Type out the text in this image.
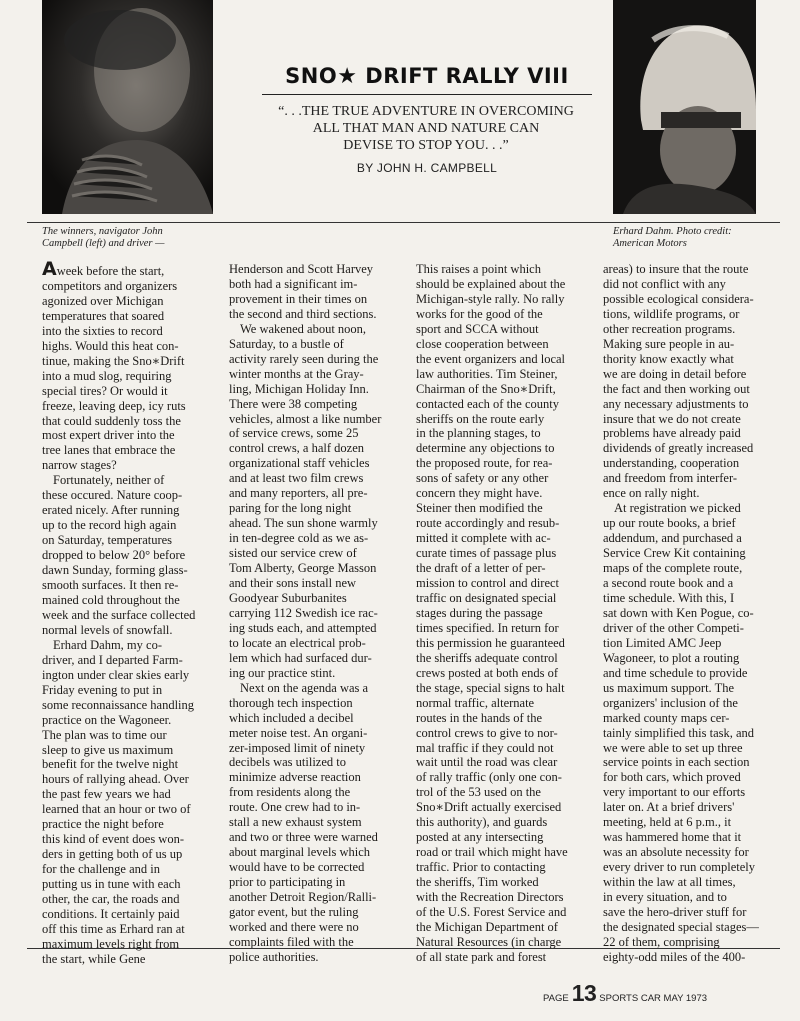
SNO★ DRIFT RALLY VIII
“. . .THE TRUE ADVENTURE IN OVERCOMING
ALL THAT MAN AND NATURE CAN
DEVISE TO STOP YOU. . .”
BY JOHN H. CAMPBELL
The winners, navigator John
Campbell (left) and driver —
Erhard Dahm. Photo credit:
American Motors

Aweek before the start,
competitors and organizers
agonized over Michigan
temperatures that soared
into the sixties to record
highs. Would this heat con-
tinue, making the Sno∗Drift
into a mud slog, requiring
special tires? Or would it
freeze, leaving deep, icy ruts
that could suddenly toss the
most expert driver into the
tree lanes that embrace the
narrow stages?

Fortunately, neither of
these occured. Nature coop-
erated nicely. After running
up to the record high again
on Saturday, temperatures
dropped to below 20° before
dawn Sunday, forming glass-
smooth surfaces. It then re-
mained cold throughout the
week and the surface collected
normal levels of snowfall.

Erhard Dahm, my co-
driver, and I departed Farm-
ington under clear skies early
Friday evening to put in
some reconnaissance handling
practice on the Wagoneer.
The plan was to time our
sleep to give us maximum
benefit for the twelve night
hours of rallying ahead. Over
the past few years we had
learned that an hour or two of
practice the night before
this kind of event does won-
ders in getting both of us up
for the challenge and in
putting us in tune with each
other, the car, the roads and
conditions. It certainly paid
off this time as Erhard ran at
maximum levels right from
the start, while Gene

Henderson and Scott Harvey
both had a significant im-
provement in their times on
the second and third sections.

We wakened about noon,
Saturday, to a bustle of
activity rarely seen during the
winter months at the Gray-
ling, Michigan Holiday Inn.
There were 38 competing
vehicles, almost a like number
of service crews, some 25
control crews, a half dozen
organizational staff vehicles
and at least two film crews
and many reporters, all pre-
paring for the long night
ahead. The sun shone warmly
in ten-degree cold as we as-
sisted our service crew of
Tom Alberty, George Masson
and their sons install new
Goodyear Suburbanites
carrying 112 Swedish ice rac-
ing studs each, and attempted
to locate an electrical prob-
lem which had surfaced dur-
ing our practice stint.

Next on the agenda was a
thorough tech inspection
which included a decibel
meter noise test. An organi-
zer-imposed limit of ninety
decibels was utilized to
minimize adverse reaction
from residents along the
route. One crew had to in-
stall a new exhaust system
and two or three were warned
about marginal levels which
would have to be corrected
prior to participating in
another Detroit Region/Ralli-
gator event, but the ruling
worked and there were no
complaints filed with the
police authorities.

This raises a point which
should be explained about the
Michigan-style rally. No rally
works for the good of the
sport and SCCA without
close cooperation between
the event organizers and local
law authorities. Tim Steiner,
Chairman of the Sno∗Drift,
contacted each of the county
sheriffs on the route early
in the planning stages, to
determine any objections to
the proposed route, for rea-
sons of safety or any other
concern they might have.
Steiner then modified the
route accordingly and resub-
mitted it complete with ac-
curate times of passage plus
the draft of a letter of per-
mission to control and direct
traffic on designated special
stages during the passage
times specified. In return for
this permission he guaranteed
the sheriffs adequate control
crews posted at both ends of
the stage, special signs to halt
normal traffic, alternate
routes in the hands of the
control crews to give to nor-
mal traffic if they could not
wait until the road was clear
of rally traffic (only one con-
trol of the 53 used on the
Sno∗Drift actually exercised
this authority), and guards
posted at any intersecting
road or trail which might have
traffic. Prior to contacting
the sheriffs, Tim worked
with the Recreation Directors
of the U.S. Forest Service and
the Michigan Department of
Natural Resources (in charge
of all state park and forest

areas) to insure that the route
did not conflict with any
possible ecological considera-
tions, wildlife programs, or
other recreation programs.
Making sure people in au-
thority know exactly what
we are doing in detail before
the fact and then working out
any necessary adjustments to
insure that we do not create
problems have already paid
dividends of greatly increased
understanding, cooperation
and freedom from interfer-
ence on rally night.

At registration we picked
up our route books, a brief
addendum, and purchased a
Service Crew Kit containing
maps of the complete route,
a second route book and a
time schedule. With this, I
sat down with Ken Pogue, co-
driver of the other Competi-
tion Limited AMC Jeep
Wagoneer, to plot a routing
and time schedule to provide
us maximum support. The
organizers' inclusion of the
marked county maps cer-
tainly simplified this task, and
we were able to set up three
service points in each section
for both cars, which proved
very important to our efforts
later on. At a brief drivers'
meeting, held at 6 p.m., it
was hammered home that it
was an absolute necessity for
every driver to run completely
within the law at all times,
in every situation, and to
save the hero-driver stuff for
the designated special stages—
22 of them, comprising
eighty-odd miles of the 400-

PAGE 13 SPORTS CAR MAY 1973
